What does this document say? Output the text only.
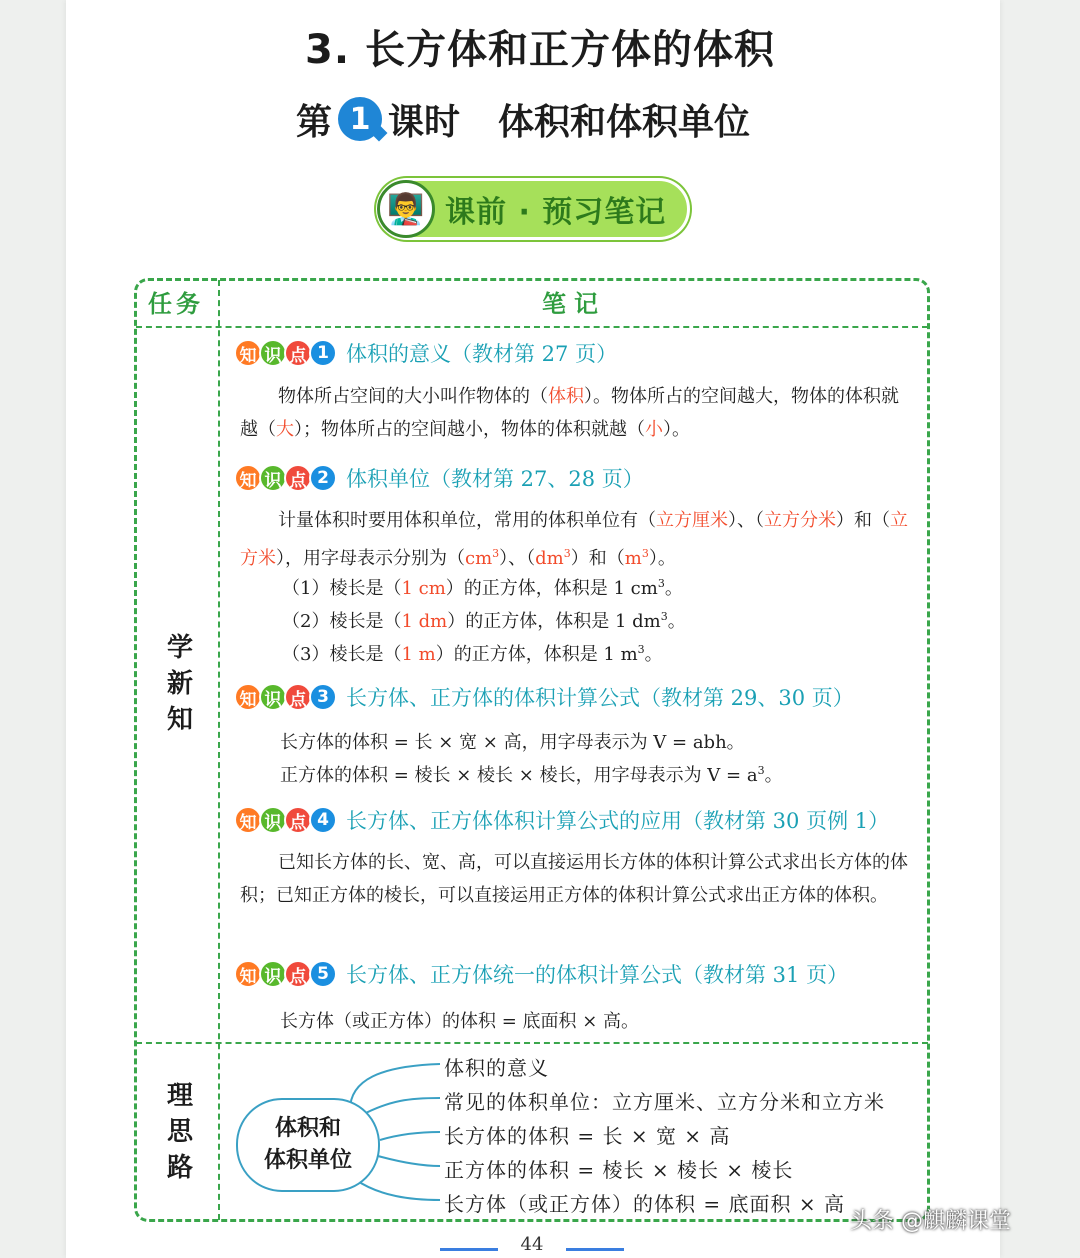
3. 长方体和正方体的体积
第 1 课时 体积和体积单位
👨‍🏫 课前 · 预习笔记
任务	笔记
学
新
知
理
思
路
知 识 点 1 体积的意义（教材第 27 页）
物体所占空间的大小叫作物体的（体积）。物体所占的空间越大，物体的体积就越（大）；物体所占的空间越小，物体的体积就越（小）。
知 识 点 2 体积单位（教材第 27、28 页）
计量体积时要用体积单位，常用的体积单位有（立方厘米）、（立方分米）和（立方米），用字母表示分别为$(cm^3)$、$(dm^3)$和$(m^3)$。
（1）棱长是（1 cm）的正方体，体积是 1 $cm^3$。
（2）棱长是（1 dm）的正方体，体积是 1 $dm^3$。
（3）棱长是（1 m）的正方体，体积是 1 $m^3$。
知 识 点 3 长方体、正方体的体积计算公式（教材第 29、30 页）
长方体的体积 = 长 × 宽 × 高，用字母表示为 V = abh。
正方体的体积 = 棱长 × 棱长 × 棱长，用字母表示为 $V = a^3$。
知 识 点 4 长方体、正方体体积计算公式的应用（教材第 30 页例 1）
已知长方体的长、宽、高，可以直接运用长方体的体积计算公式求出长方体的体积；已知正方体的棱长，可以直接运用正方体的体积计算公式求出正方体的体积。
知 识 点 5 长方体、正方体统一的体积计算公式（教材第 31 页）
长方体（或正方体）的体积 = 底面积 × 高。
体积和
体积单位
体积的意义
常见的体积单位：立方厘米、立方分米和立方米
长方体的体积 = 长 × 宽 × 高
正方体的体积 = 棱长 × 棱长 × 棱长
长方体（或正方体）的体积 = 底面积 × 高
44
头条 @麒麟课堂
